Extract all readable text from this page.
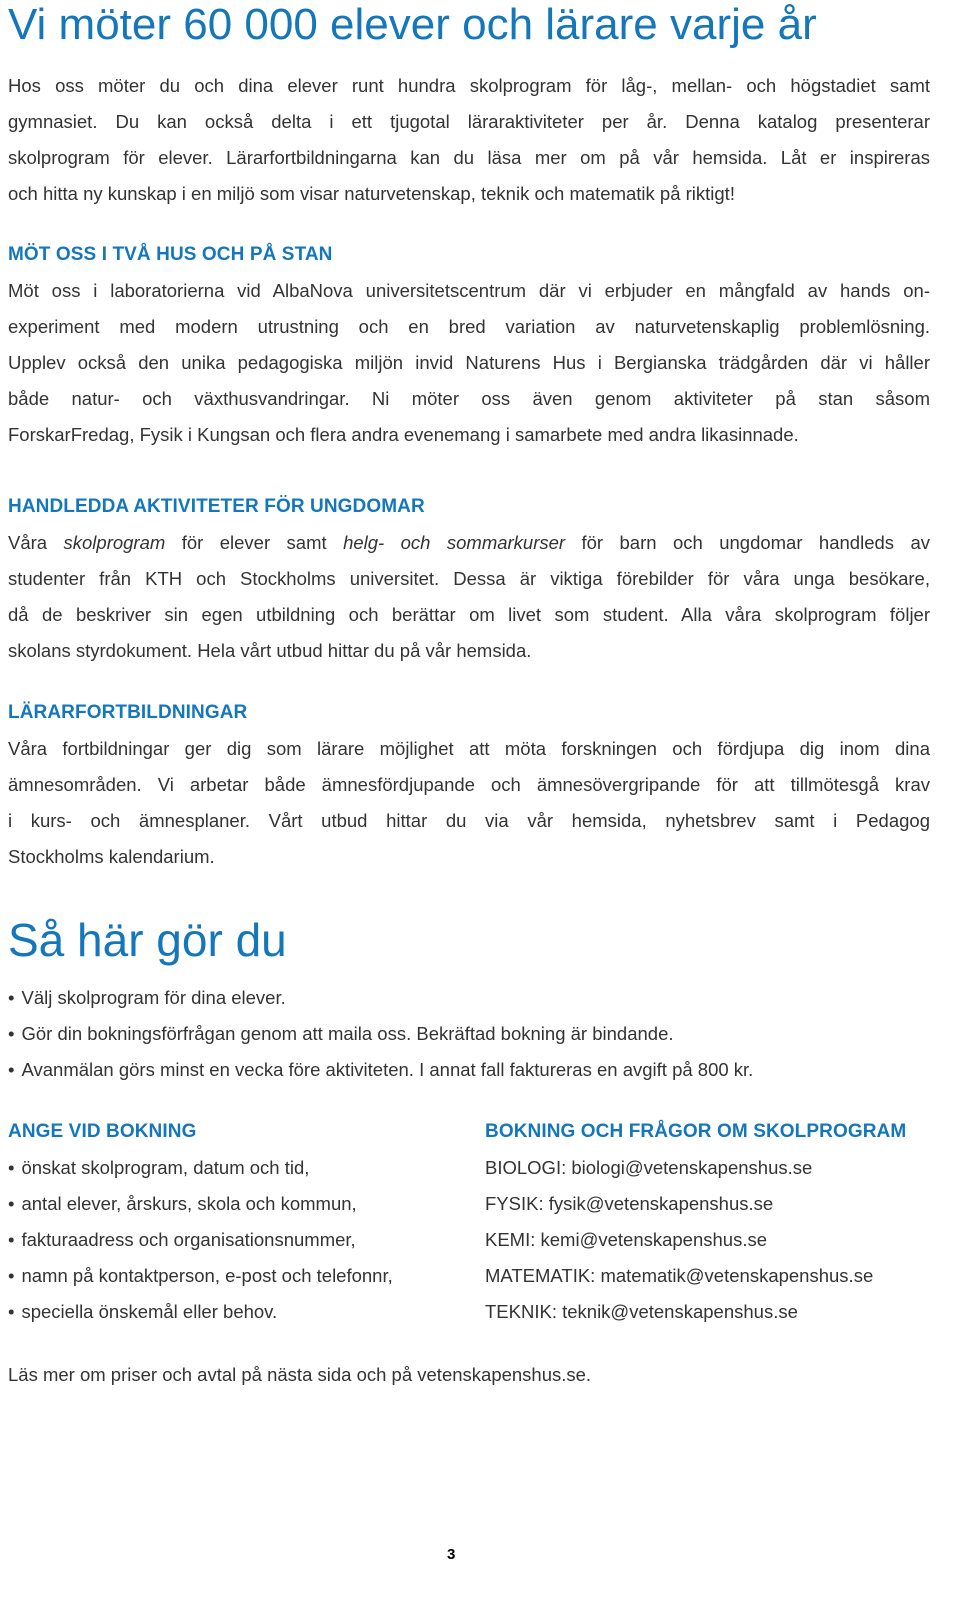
Vi möter 60 000 elever och lärare varje år
Hos oss möter du och dina elever runt hundra skolprogram för låg-, mellan- och högstadiet samt
gymnasiet. Du kan också delta i ett tjugotal läraraktiviteter per år. Denna katalog presenterar
skolprogram för elever. Lärarfortbildningarna kan du läsa mer om på vår hemsida. Låt er inspireras
och hitta ny kunskap i en miljö som visar naturvetenskap, teknik och matematik på riktigt!
MÖT OSS I TVÅ HUS OCH PÅ STAN
Möt oss i laboratorierna vid AlbaNova universitetscentrum där vi erbjuder en mångfald av hands on-
experiment med modern utrustning och en bred variation av naturvetenskaplig problemlösning.
Upplev också den unika pedagogiska miljön invid Naturens Hus i Bergianska trädgården där vi håller
både natur- och växthusvandringar. Ni möter oss även genom aktiviteter på stan såsom
ForskarFredag, Fysik i Kungsan och flera andra evenemang i samarbete med andra likasinnade.
HANDLEDDA AKTIVITETER FÖR UNGDOMAR
Våra skolprogram för elever samt helg- och sommarkurser för barn och ungdomar handleds av
studenter från KTH och Stockholms universitet. Dessa är viktiga förebilder för våra unga besökare,
då de beskriver sin egen utbildning och berättar om livet som student. Alla våra skolprogram följer
skolans styrdokument. Hela vårt utbud hittar du på vår hemsida.
LÄRARFORTBILDNINGAR
Våra fortbildningar ger dig som lärare möjlighet att möta forskningen och fördjupa dig inom dina
ämnesområden. Vi arbetar både ämnesfördjupande och ämnesövergripande för att tillmötesgå krav
i kurs- och ämnesplaner. Vårt utbud hittar du via vår hemsida, nyhetsbrev samt i Pedagog
Stockholms kalendarium.
Så här gör du
• Välj skolprogram för dina elever.
• Gör din bokningsförfrågan genom att maila oss. Bekräftad bokning är bindande.
• Avanmälan görs minst en vecka före aktiviteten. I annat fall faktureras en avgift på 800 kr.
ANGE VID BOKNING
• önskat skolprogram, datum och tid,
• antal elever, årskurs, skola och kommun,
• fakturaadress och organisationsnummer,
• namn på kontaktperson, e-post och telefonnr,
• speciella önskemål eller behov.
BOKNING OCH FRÅGOR OM SKOLPROGRAM

BIOLOGI: biologi@vetenskapenshus.se

FYSIK: fysik@vetenskapenshus.se

KEMI: kemi@vetenskapenshus.se

MATEMATIK: matematik@vetenskapenshus.se

TEKNIK: teknik@vetenskapenshus.se

Läs mer om priser och avtal på nästa sida och på vetenskapenshus.se.

3
